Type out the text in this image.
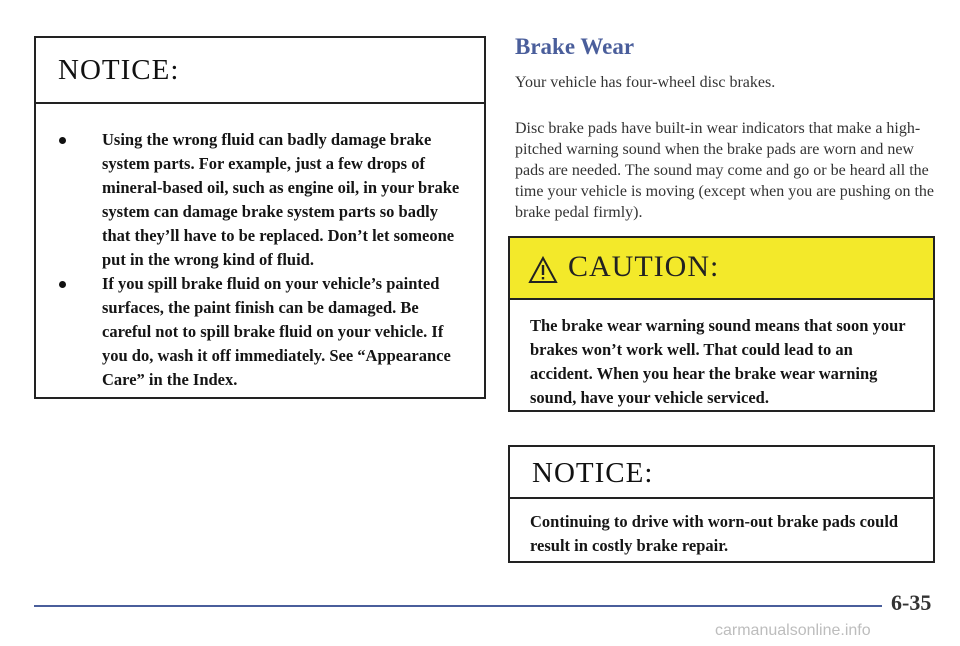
NOTICE:
Using the wrong fluid can badly damage brake system parts. For example, just a few drops of mineral-based oil, such as engine oil, in your brake system can damage brake system parts so badly that they’ll have to be replaced. Don’t let someone put in the wrong kind of fluid.
If you spill brake fluid on your vehicle’s painted surfaces, the paint finish can be damaged. Be careful not to spill brake fluid on your vehicle. If you do, wash it off immediately. See “Appearance Care” in the Index.
Brake Wear

Your vehicle has four-wheel disc brakes.

Disc brake pads have built-in wear indicators that make a high-pitched warning sound when the brake pads are worn and new pads are needed. The sound may come and go or be heard all the time your vehicle is moving (except when you are pushing on the brake pedal firmly).

CAUTION:
The brake wear warning sound means that soon your brakes won’t work well. That could lead to an accident. When you hear the brake wear warning sound, have your vehicle serviced.
NOTICE:
Continuing to drive with worn-out brake pads could result in costly brake repair.
6-35
carmanualsonline.info
